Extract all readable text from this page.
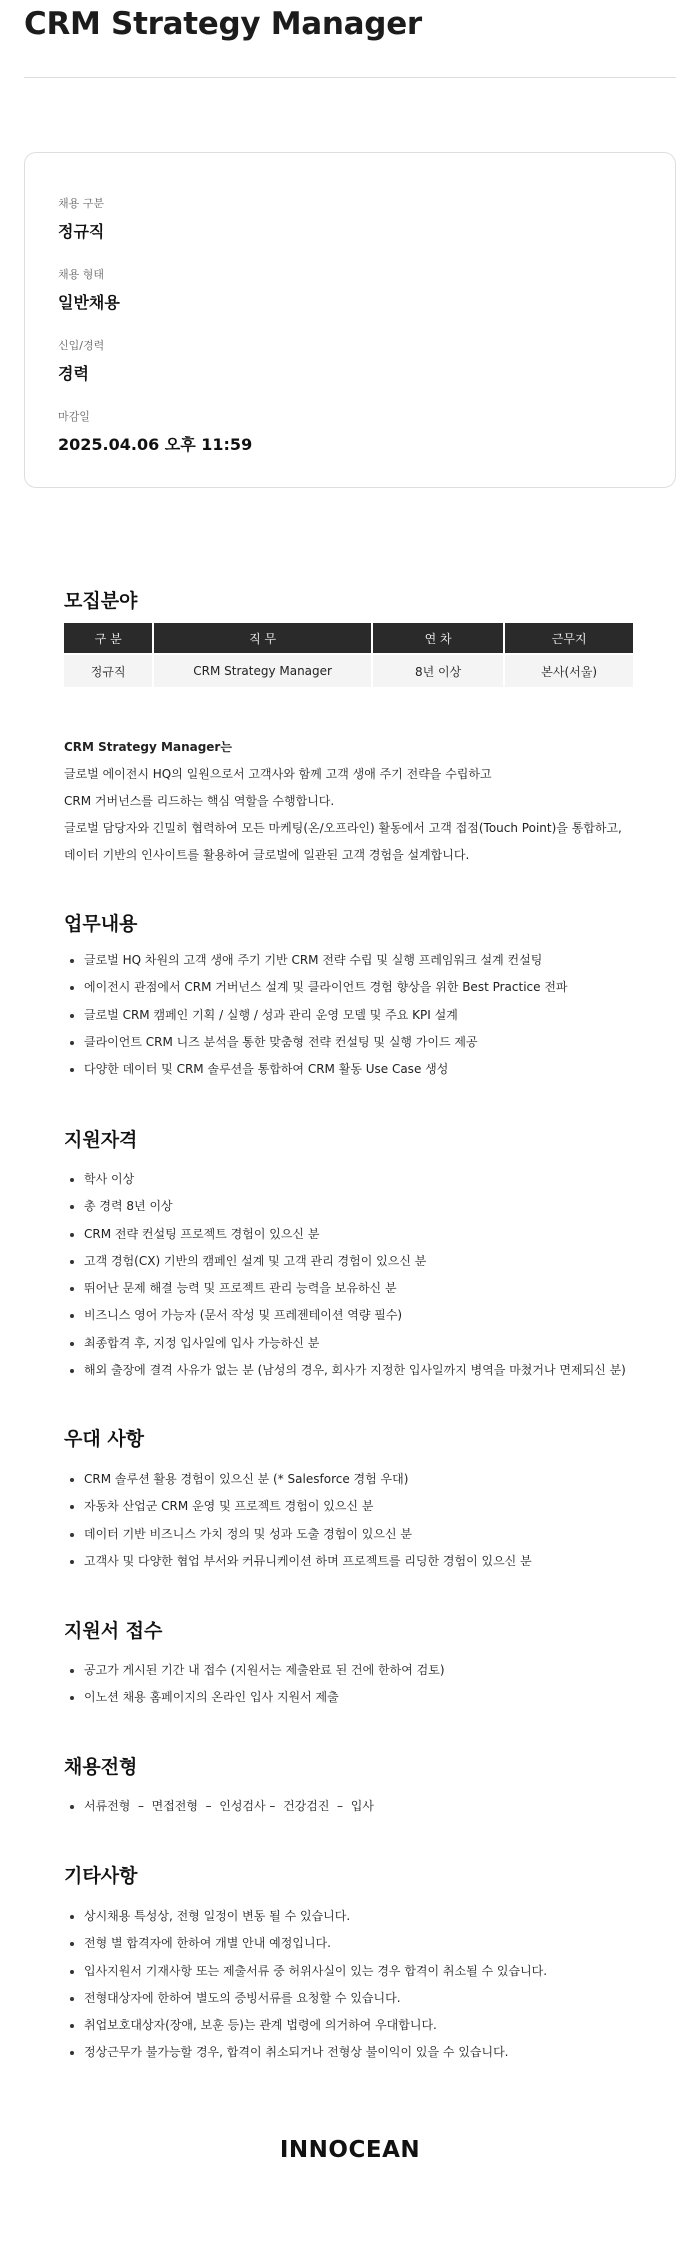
CRM Strategy Manager
채용 구분
정규직
채용 형태
일반채용
신입/경력
경력
마감일
2025.04.06 오후 11:59
모집분야
구 분	직 무	연 차	근무지
정규직	CRM Strategy Manager	8년 이상	본사(서울)
CRM Strategy Manager는
글로벌 에이전시 HQ의 일원으로서 고객사와 함께 고객 생애 주기 전략을 수립하고
CRM 거버넌스를 리드하는 핵심 역할을 수행합니다.
글로벌 담당자와 긴밀히 협력하여 모든 마케팅(온/오프라인) 활동에서 고객 접점(Touch Point)을 통합하고,
데이터 기반의 인사이트를 활용하여 글로벌에 일관된 고객 경험을 설계합니다.
업무내용
글로벌 HQ 차원의 고객 생애 주기 기반 CRM 전략 수립 및 실행 프레임워크 설계 컨설팅
에이전시 관점에서 CRM 거버넌스 설계 및 클라이언트 경험 향상을 위한 Best Practice 전파
글로벌 CRM 캠페인 기획 / 실행 / 성과 관리 운영 모델 및 주요 KPI 설계
클라이언트 CRM 니즈 분석을 통한 맞춤형 전략 컨설팅 및 실행 가이드 제공
다양한 데이터 및 CRM 솔루션을 통합하여 CRM 활동 Use Case 생성
지원자격
학사 이상
총 경력 8년 이상
CRM 전략 컨설팅 프로젝트 경험이 있으신 분
고객 경험(CX) 기반의 캠페인 설계 및 고객 관리 경험이 있으신 분
뛰어난 문제 해결 능력 및 프로젝트 관리 능력을 보유하신 분
비즈니스 영어 가능자 (문서 작성 및 프레젠테이션 역량 필수)
최종합격 후, 지정 입사일에 입사 가능하신 분
해외 출장에 결격 사유가 없는 분 (남성의 경우, 회사가 지정한 입사일까지 병역을 마쳤거나 면제되신 분)
우대 사항
CRM 솔루션 활용 경험이 있으신 분 (* Salesforce 경험 우대)
자동차 산업군 CRM 운영 및 프로젝트 경험이 있으신 분
데이터 기반 비즈니스 가치 정의 및 성과 도출 경험이 있으신 분
고객사 및 다양한 협업 부서와 커뮤니케이션 하며 프로젝트를 리딩한 경험이 있으신 분
지원서 접수
공고가 게시된 기간 내 접수 (지원서는 제출완료 된 건에 한하여 검토)
이노션 채용 홈페이지의 온라인 입사 지원서 제출
채용전형
서류전형  –  면접전형  –  인성검사 –  건강검진  –  입사
기타사항
상시채용 특성상, 전형 일정이 변동 될 수 있습니다.
전형 별 합격자에 한하여 개별 안내 예정입니다.
입사지원서 기재사항 또는 제출서류 중 허위사실이 있는 경우 합격이 취소될 수 있습니다.
전형대상자에 한하여 별도의 증빙서류를 요청할 수 있습니다.
취업보호대상자(장애, 보훈 등)는 관계 법령에 의거하여 우대합니다.
정상근무가 불가능할 경우, 합격이 취소되거나 전형상 불이익이 있을 수 있습니다.
INNOCEAN
